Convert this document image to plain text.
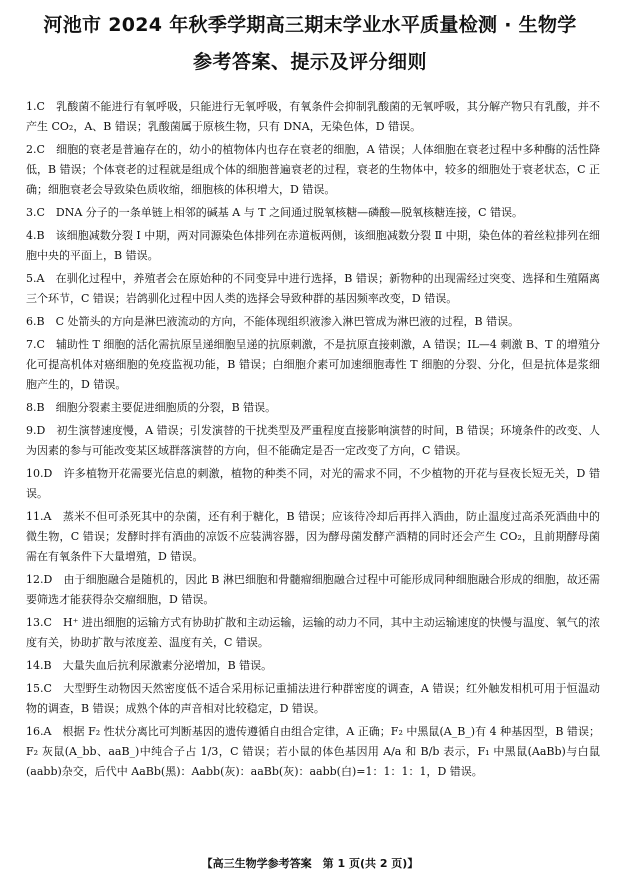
河池市 2024 年秋季学期高三期末学业水平质量检测 · 生物学
参考答案、提示及评分细则
1.C　 乳酸菌不能进行有氧呼吸，只能进行无氧呼吸，有氧条件会抑制乳酸菌的无氧呼吸，其分解产物只有乳酸，并不产生 CO₂，A、B 错误；乳酸菌属于原核生物，只有 DNA，无染色体，D 错误。
2.C　 细胞的衰老是普遍存在的，幼小的植物体内也存在衰老的细胞，A 错误；人体细胞在衰老过程中多种酶的活性降低，B 错误；个体衰老的过程就是组成个体的细胞普遍衰老的过程，衰老的生物体中，较多的细胞处于衰老状态，C 正确；细胞衰老会导致染色质收缩，细胞核的体积增大，D 错误。
3.C　 DNA 分子的一条单链上相邻的碱基 A 与 T 之间通过脱氧核糖—磷酸—脱氧核糖连接，C 错误。
4.B　 该细胞减数分裂 Ⅰ 中期，两对同源染色体排列在赤道板两侧，该细胞减数分裂 Ⅱ 中期，染色体的着丝粒排列在细胞中央的平面上，B 错误。
5.A　 在驯化过程中，养殖者会在原始种的不同变异中进行选择，B 错误；新物种的出现需经过突变、选择和生殖隔离三个环节，C 错误；岩鸽驯化过程中因人类的选择会导致种群的基因频率改变，D 错误。
6.B　 C 处箭头的方向是淋巴液流动的方向，不能体现组织液渗入淋巴管成为淋巴液的过程，B 错误。
7.C　 辅助性 T 细胞的活化需抗原呈递细胞呈递的抗原刺激，不是抗原直接刺激，A 错误；IL—4 刺激 B、T 的增殖分化可提高机体对癌细胞的免疫监视功能，B 错误；白细胞介素可加速细胞毒性 T 细胞的分裂、分化，但是抗体是浆细胞产生的，D 错误。
8.B　 细胞分裂素主要促进细胞质的分裂，B 错误。
9.D　 初生演替速度慢，A 错误；引发演替的干扰类型及严重程度直接影响演替的时间，B 错误；环境条件的改变、人为因素的参与可能改变某区域群落演替的方向，但不能确定是否一定改变了方向，C 错误。
10.D　 许多植物开花需要光信息的刺激，植物的种类不同，对光的需求不同，不少植物的开花与昼夜长短无关，D 错误。
11.A　 蒸米不但可杀死其中的杂菌，还有利于糖化，B 错误；应该待冷却后再拌入酒曲，防止温度过高杀死酒曲中的微生物，C 错误；发酵时拌有酒曲的凉饭不应装满容器，因为酵母菌发酵产酒精的同时还会产生 CO₂，且前期酵母菌需在有氧条件下大量增殖，D 错误。
12.D　 由于细胞融合是随机的，因此 B 淋巴细胞和骨髓瘤细胞融合过程中可能形成同种细胞融合形成的细胞，故还需要筛选才能获得杂交瘤细胞，D 错误。
13.C　 H⁺ 进出细胞的运输方式有协助扩散和主动运输，运输的动力不同，其中主动运输速度的快慢与温度、氧气的浓度有关，协助扩散与浓度差、温度有关，C 错误。
14.B　 大量失血后抗利尿激素分泌增加，B 错误。
15.C　 大型野生动物因天然密度低不适合采用标记重捕法进行种群密度的调查，A 错误；红外触发相机可用于恒温动物的调查，B 错误；成熟个体的声音相对比较稳定，D 错误。
16.A　 根据 F₂ 性状分离比可判断基因的遗传遵循自由组合定律，A 正确；F₂ 中黑鼠(A_B_)有 4 种基因型，B 错误；F₂ 灰鼠(A_bb、aaB_)中纯合子占 1/3，C 错误；若小鼠的体色基因用 A/a 和 B/b 表示，F₁ 中黑鼠(AaBb)与白鼠(aabb)杂交，后代中 AaBb(黑)：Aabb(灰)：aaBb(灰)：aabb(白)=1：1：1：1，D 错误。
【高三生物学参考答案　第 1 页(共 2 页)】
